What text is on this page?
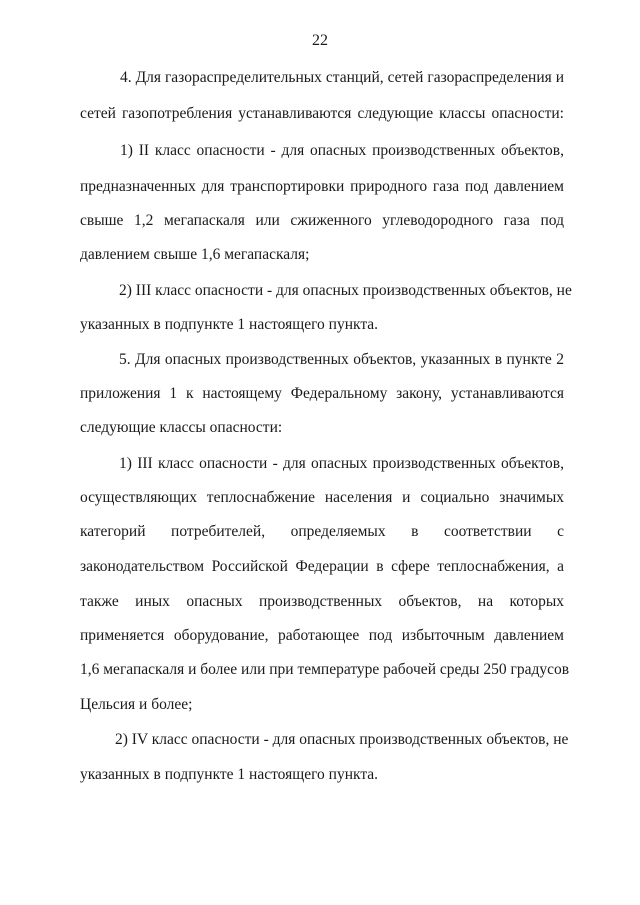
22
4. Для газораспределительных станций, сетей газораспределения и
сетей газопотребления устанавливаются следующие классы опасности:
1) II класс опасности - для опасных производственных объектов,
предназначенных для транспортировки природного газа под давлением
свыше 1,2 мегапаскаля или сжиженного углеводородного газа под
давлением свыше 1,6 мегапаскаля;
2) III класс опасности - для опасных производственных объектов, не
указанных в подпункте 1 настоящего пункта.
5. Для опасных производственных объектов, указанных в пункте 2
приложения 1 к настоящему Федеральному закону, устанавливаются
следующие классы опасности:
1) III класс опасности - для опасных производственных объектов,
осуществляющих теплоснабжение населения и социально значимых
категорий потребителей, определяемых в соответствии с
законодательством Российской Федерации в сфере теплоснабжения, а
также иных опасных производственных объектов, на которых
применяется оборудование, работающее под избыточным давлением
1,6 мегапаскаля и более или при температуре рабочей среды 250 градусов
Цельсия и более;
2) IV класс опасности - для опасных производственных объектов, не
указанных в подпункте 1 настоящего пункта.
